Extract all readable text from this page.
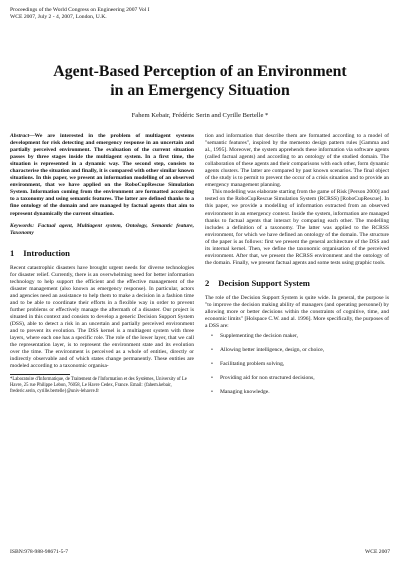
Proceedings of the World Congress on Engineering 2007 Vol I
WCE 2007, July 2 - 4, 2007, London, U.K.
Agent-Based Perception of an Environment
in an Emergency Situation
Fahem Kebair, Frédéric Serin and Cyrille Bertelle *

Abstract—We are interested in the problem of multiagent systems development for risk detecting and emergency response in an uncertain and partially perceived environment. The evaluation of the current situation passes by three stages inside the multiagent system. In a first time, the situation is represented in a dynamic way. The second step, consists to characterise the situation and finally, it is compared with other similar known situations. In this paper, we present an information modelling of an observed environment, that we have applied on the RoboCupRescue Simulation System. Information coming from the environment are formatted according to a taxonomy and using semantic features. The latter are defined thanks to a fine ontology of the domain and are managed by factual agents that aim to represent dynamically the current situation.

Keywords: Factual agent, Multiagent system, Ontology, Semantic feature, Taxonomy

1 Introduction

Recent catastrophic disasters have brought urgent needs for diverse technologies for disaster relief. Currently, there is an overwhelming need for better information technology to help support the efficient and the effective management of the disaster management (also known as emergency response). In particular, actors and agencies need an assistance to help them to make a decision in a fashion time and to be able to coordinate their efforts in a flexible way in order to prevent further problems or effectively manage the aftermath of a disaster. Our project is situated in this context and consists to develop a generic Decision Support System (DSS), able to detect a risk in an uncertain and partially perceived environment and to prevent its evolution. The DSS kernel is a multiagent system with three layers, where each one has a specific role. The role of the lower layer, that we call the representation layer, is to represent the environment state and its evolution over the time. The environment is perceived as a whole of entities, directly or indirectly observable and of which states change permanently. These entities are modeled according to a taxonomic organisa-

*Laboratoire d'Informatique, de Traitement de l'Information et des Systèmes, University of Le Havre, 25 rue Philippe Lebon, 76058, Le Havre Cedex, France. Email: {fahem.kebair, frederic.serin, cyrille.bertelle}@univ-lehavre.fr

tion and information that describe them are formatted according to a model of "semantic features", inspired by the memento design pattern rules [Gamma and al., 1995]. Moreover, the system apprehends these information via software agents (called factual agents) and according to an ontology of the studied domain. The collaboration of these agents and their comparisons with each other, form dynamic agents clusters. The latter are compared by past known scenarios. The final object of the study is to permit to prevent the occur of a crisis situation and to provide an emergency management planning.

This modelling was elaborate starting from the game of Risk [Person 2000] and tested on the RoboCupRescue Simulation System (RCRSS) [RoboCupRescue]. In this paper, we provide a modelling of information extracted from an observed environment in an emergency context. Inside the system, information are managed thanks to factual agents that interact by comparing each other. The modelling includes a definition of a taxonomy. The latter was applied to the RCRSS environment, for which we have defined an ontology of the domain. The structure of the paper is as follows: first we present the general architecture of the DSS and its internal kernel. Then, we define the taxonomic organisation of the perceived environment. After that, we present the RCRSS environment and the ontology of the domain. Finally, we present factual agents and some tests using graphic tools.

2 Decision Support System

The role of the Decision Support System is quite wide. In general, the purpose is "to improve the decision making ability of managers (and operating personnel) by allowing more or better decisions within the constraints of cognitive, time, and economic limits" [Holspace C.W. and al. 1996]. More specifically, the purposes of a DSS are:

• Supplementing the decision maker,
• Allowing better intelligence, design, or choice,
• Facilitating problem solving,
• Providing aid for non structured decisions,
• Managing knowledge.
ISBN:978-988-98671-5-7	WCE 2007
